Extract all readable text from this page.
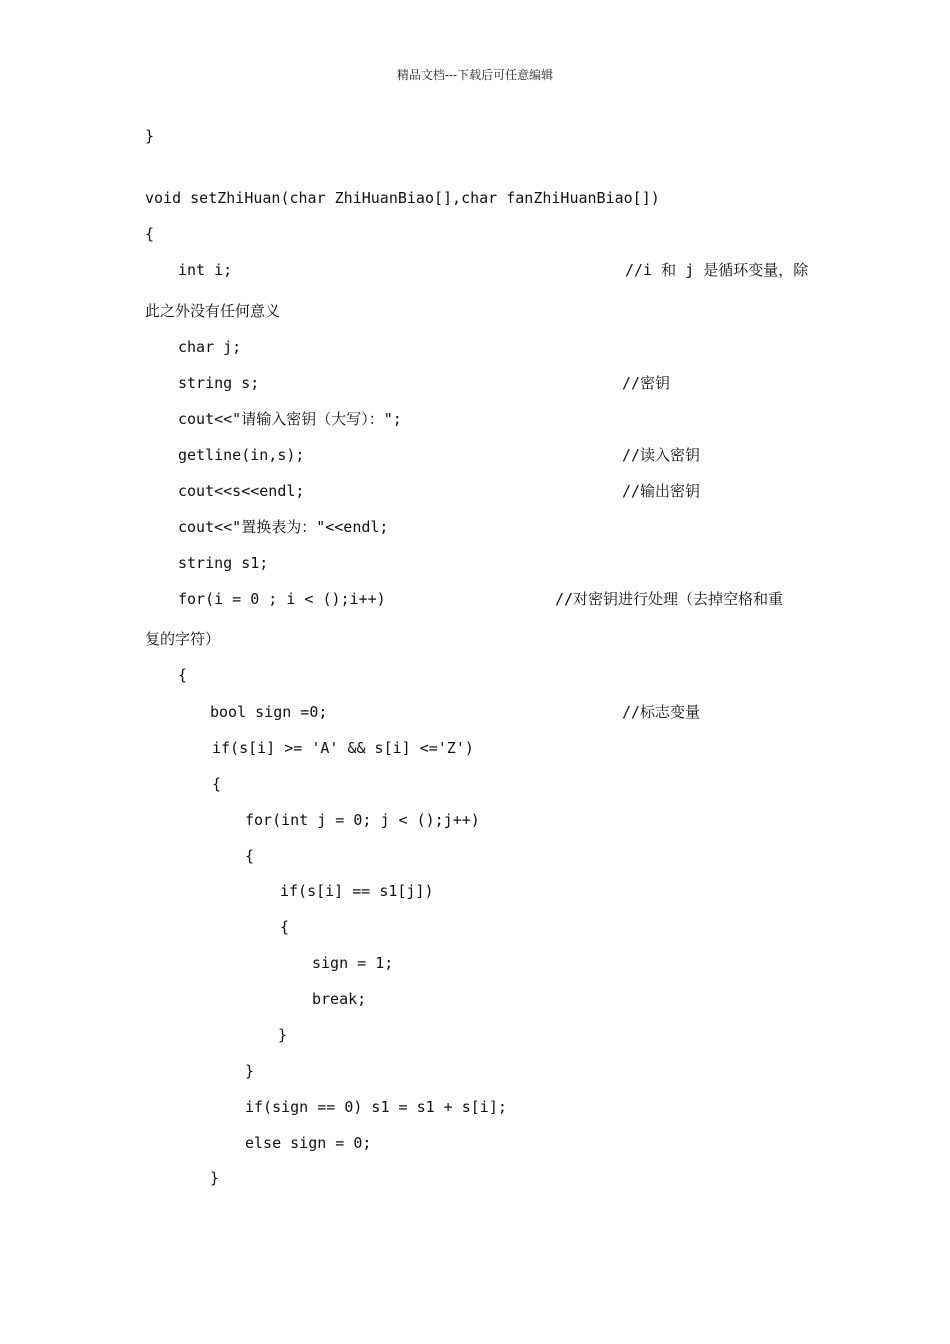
精品文档---下载后可任意编辑
}
void setZhiHuan(char ZhiHuanBiao[],char fanZhiHuanBiao[])
{
int i;	//i 和 j 是循环变量，除
此之外没有任何意义
char j;
string s;	//密钥
cout<<"请输入密钥（大写）：";
getline(in,s);	//读入密钥
cout<<s<<endl;	//输出密钥
cout<<"置换表为："<<endl;
string s1;
for(i = 0 ; i < ();i++)	//对密钥进行处理（去掉空格和重
复的字符）
{
bool sign =0;	//标志变量
if(s[i] >= 'A' && s[i] <='Z')
{
for(int j = 0; j < ();j++)
{
if(s[i] == s1[j])
{
sign = 1;
break;
}
}
if(sign == 0) s1 = s1 + s[i];
else sign = 0;
}
